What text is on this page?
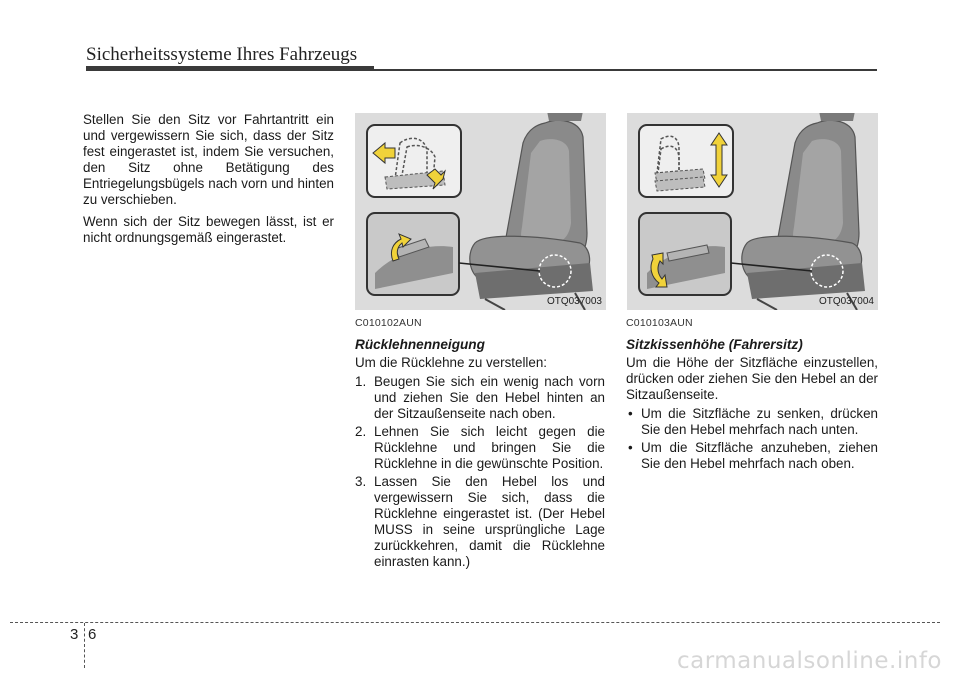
Sicherheitssysteme Ihres Fahrzeugs

Stellen Sie den Sitz vor Fahrtantritt ein und vergewissern Sie sich, dass der Sitz fest eingerastet ist, indem Sie versuchen, den Sitz ohne Betätigung des Entriegelungsbügels nach vorn und hinten zu verschieben.

Wenn sich der Sitz bewegen lässt, ist er nicht ordnungsgemäß eingerastet.

OTQ037003	OTQ037004
C010102AUN
Rücklehnenneigung

Um die Rücklehne zu verstellen:

1. Beugen Sie sich ein wenig nach vorn und ziehen Sie den Hebel hinten an der Sitzaußenseite nach oben.
2. Lehnen Sie sich leicht gegen die Rücklehne und bringen Sie die Rücklehne in die gewünschte Position.
3. Lassen Sie den Hebel los und vergewissern Sie sich, dass die Rücklehne eingerastet ist. (Der Hebel MUSS in seine ursprüngliche Lage zurückkehren, damit die Rücklehne einrasten kann.)
C010103AUN
Sitzkissenhöhe (Fahrersitz)

Um die Höhe der Sitzfläche einzustellen, drücken oder ziehen Sie den Hebel an der Sitzaußenseite.

• Um die Sitzfläche zu senken, drücken Sie den Hebel mehrfach nach unten.
• Um die Sitzfläche anzuheben, ziehen Sie den Hebel mehrfach nach oben.
3 6
carmanualsonline.info
